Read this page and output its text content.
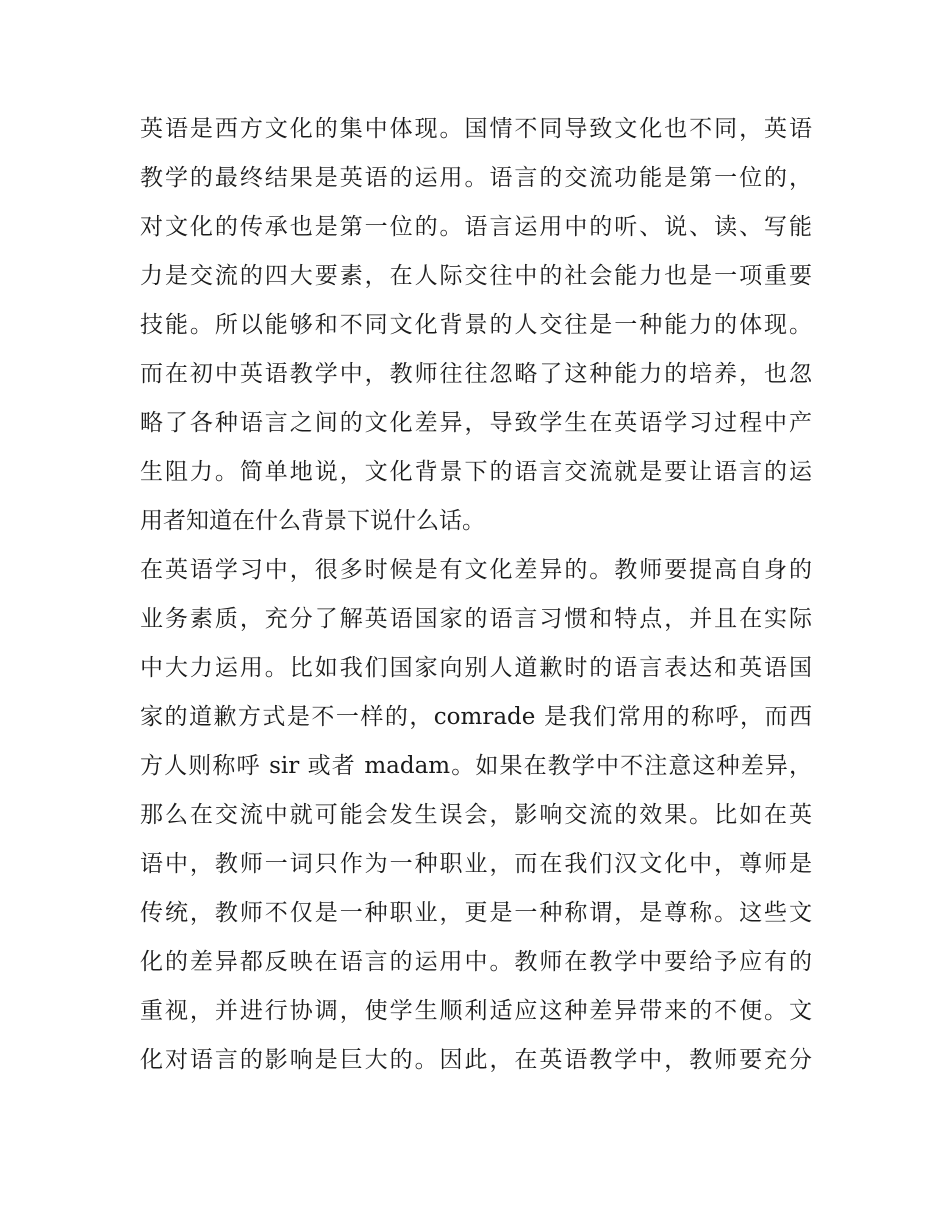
英语是西方文化的集中体现。国情不同导致文化也不同，英语
教学的最终结果是英语的运用。语言的交流功能是第一位的，
对文化的传承也是第一位的。语言运用中的听、说、读、写能
力是交流的四大要素，在人际交往中的社会能力也是一项重要
技能。所以能够和不同文化背景的人交往是一种能力的体现。
而在初中英语教学中，教师往往忽略了这种能力的培养，也忽
略了各种语言之间的文化差异，导致学生在英语学习过程中产
生阻力。简单地说，文化背景下的语言交流就是要让语言的运
用者知道在什么背景下说什么话。
在英语学习中，很多时候是有文化差异的。教师要提高自身的
业务素质，充分了解英语国家的语言习惯和特点，并且在实际
中大力运用。比如我们国家向别人道歉时的语言表达和英语国
家的道歉方式是不一样的，comrade 是我们常用的称呼，而西
方人则称呼 sir 或者 madam。如果在教学中不注意这种差异，
那么在交流中就可能会发生误会，影响交流的效果。比如在英
语中，教师一词只作为一种职业，而在我们汉文化中，尊师是
传统，教师不仅是一种职业，更是一种称谓，是尊称。这些文
化的差异都反映在语言的运用中。教师在教学中要给予应有的
重视，并进行协调，使学生顺利适应这种差异带来的不便。文
化对语言的影响是巨大的。因此，在英语教学中，教师要充分
